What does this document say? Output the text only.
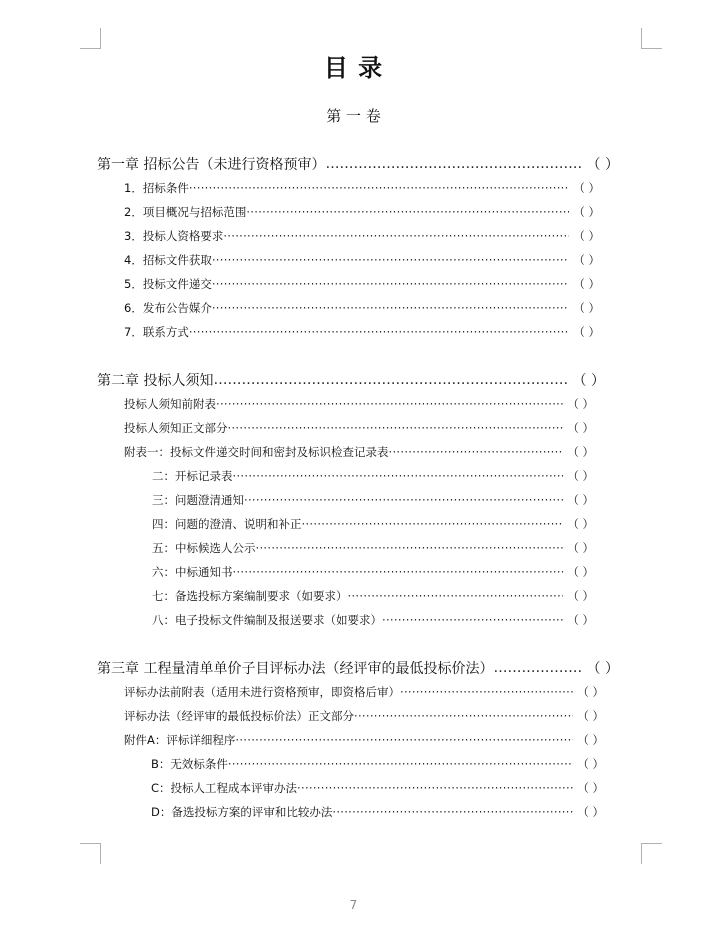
目 录
第 一 卷
第一章 招标公告（未进行资格预审） ……………………………………………………………………………………………………………………………………………………………………………………	（ ）
1．招标条件 ·····	（ ）
2．项目概况与招标范围 ·····	（ ）
3．投标人资格要求 ·····	（ ）
4．招标文件获取 ·····	（ ）
5．投标文件递交 ·····	（ ）
6．发布公告媒介 ·····	（ ）
7．联系方式 ·····	（ ）
第二章 投标人须知 ……………………………………………………………………………………………………………………………………………………………………………………	（ ）
投标人须知前附表 ·····	（ ）
投标人须知正文部分 ·····	（ ）
附表一：投标文件递交时间和密封及标识检查记录表 ·····	（ ）
二：开标记录表 ·····	（ ）
三：问题澄清通知 ·····	（ ）
四：问题的澄清、说明和补正 ·····	（ ）
五：中标候选人公示 ·····	（ ）
六：中标通知书 ·····	（ ）
七：备选投标方案编制要求（如要求） ·····	（ ）
八：电子投标文件编制及报送要求（如要求） ·····	（ ）
第三章 工程量清单单价子目评标办法（经评审的最低投标价法） ……………………………………………………………………………………………………………………………………………………………………………………	（ ）
评标办法前附表（适用未进行资格预审，即资格后审） ·····	（ ）
评标办法（经评审的最低投标价法）正文部分 ·····	（ ）
附件A：评标详细程序 ·····	（ ）
B：无效标条件 ·····	（ ）
C：投标人工程成本评审办法 ·····	（ ）
D：备选投标方案的评审和比较办法 ·····	（ ）
7
